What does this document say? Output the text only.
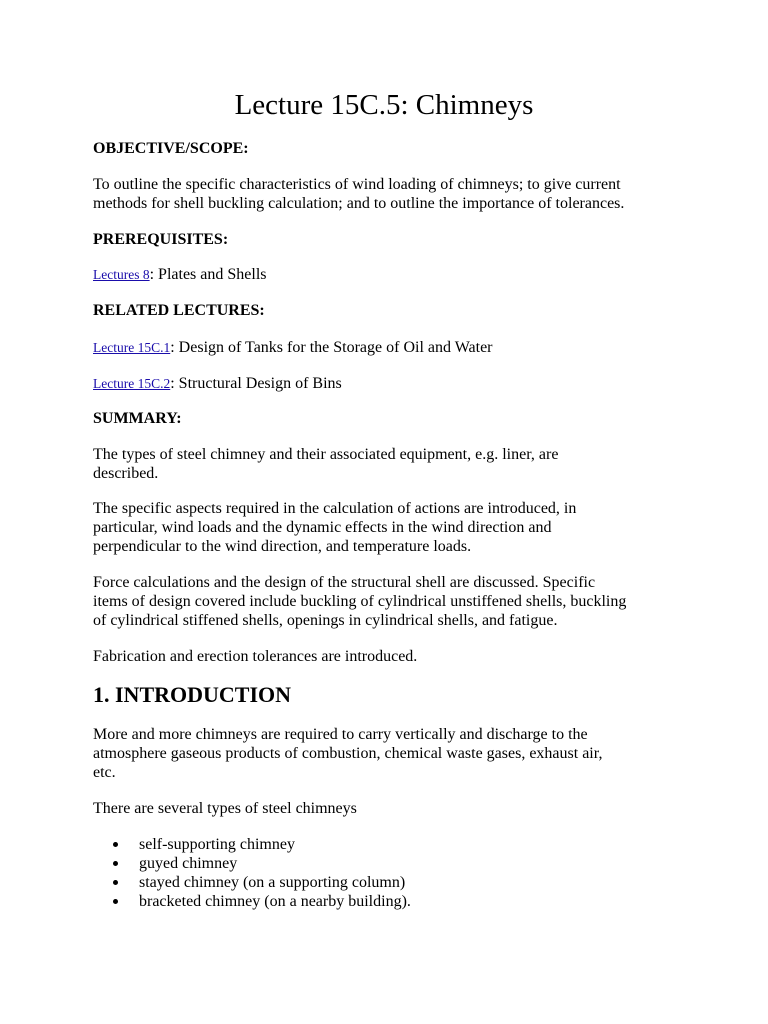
Lecture 15C.5: Chimneys
OBJECTIVE/SCOPE:
To outline the specific characteristics of wind loading of chimneys; to give current
methods for shell buckling calculation; and to outline the importance of tolerances.
PREREQUISITES:
Lectures 8: Plates and Shells
RELATED LECTURES:
Lecture 15C.1: Design of Tanks for the Storage of Oil and Water
Lecture 15C.2: Structural Design of Bins
SUMMARY:
The types of steel chimney and their associated equipment, e.g. liner, are
described.
The specific aspects required in the calculation of actions are introduced, in
particular, wind loads and the dynamic effects in the wind direction and
perpendicular to the wind direction, and temperature loads.
Force calculations and the design of the structural shell are discussed. Specific
items of design covered include buckling of cylindrical unstiffened shells, buckling
of cylindrical stiffened shells, openings in cylindrical shells, and fatigue.
Fabrication and erection tolerances are introduced.
1. INTRODUCTION
More and more chimneys are required to carry vertically and discharge to the
atmosphere gaseous products of combustion, chemical waste gases, exhaust air,
etc.
There are several types of steel chimneys
self-supporting chimney
guyed chimney
stayed chimney (on a supporting column)
bracketed chimney (on a nearby building).
